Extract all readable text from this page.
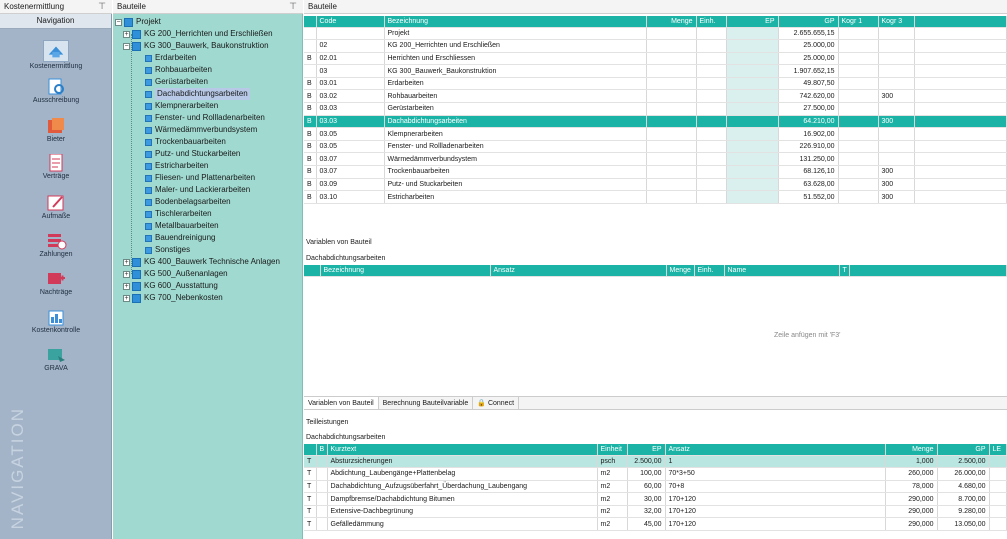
Kostenermittlung	⊤ Bauteile	⊤ Bauteile
Navigation
Kostenermittlung
Ausschreibung
Bieter
Verträge
Aufmaße
Zahlungen
Nachträge
Kostenkontrolle
GRAVA
NAVIGATION
− Projekt
+ KG 200_Herrichten und Erschließen
− KG 300_Bauwerk, Baukonstruktion
Erdarbeiten
Rohbauarbeiten
Gerüstarbeiten
Dachabdichtungsarbeiten
Klempnerarbeiten
Fenster- und Rollladenarbeiten
Wärmedämmverbundsystem
Trockenbauarbeiten
Putz- und Stuckarbeiten
Estricharbeiten
Fliesen- und Plattenarbeiten
Maler- und Lackierarbeiten
Bodenbelagsarbeiten
Tischlerarbeiten
Metallbauarbeiten
Bauendreinigung
Sonstiges
+ KG 400_Bauwerk Technische Anlagen
+ KG 500_Außenanlagen
+ KG 600_Ausstattung
+ KG 700_Nebenkosten
	Code	Bezeichnung	Menge	Einh.	EP	GP	Kogr 1	Kogr 3	
		Projekt				2.655.655,15			
	02	KG 200_Herrichten und Erschließen				25.000,00			
B	02.01	Herrichten und Erschliessen				25.000,00			
	03	KG 300_Bauwerk_Baukonstruktion				1.907.652,15			
B	03.01	Erdarbeiten				49.807,50			
B	03.02	Rohbauarbeiten				742.620,00		300	
B	03.03	Gerüstarbeiten				27.500,00			
B	03.03	Dachabdichtungsarbeiten				64.210,00		300	
B	03.05	Klempnerarbeiten				16.902,00			
B	03.05	Fenster- und Rollladenarbeiten				226.910,00			
B	03.07	Wärmedämmverbundsystem				131.250,00			
B	03.07	Trockenbauarbeiten				68.126,10		300	
B	03.09	Putz- und Stuckarbeiten				63.628,00		300	
B	03.10	Estricharbeiten				51.552,00		300	
Variablen von Bauteil
Dachabdichtungsarbeiten
	Bezeichnung	Ansatz	Menge	Einh.	Name	T	
Zeile anfügen mit 'F3'
Variablen von Bauteil	Berechnung Bauteilvariable	🔒 Connect
Teilleistungen
Dachabdichtungsarbeiten
	B	Kurztext	Einheit	EP	Ansatz	Menge	GP	LE
T		Absturzsicherungen	psch	2.500,00	1	1,000	2.500,00	
T		Abdichtung_Laubengänge+Plattenbelag	m2	100,00	70*3+50	260,000	26.000,00	
T		Dachabdichtung_Aufzugsüberfahrt_Überdachung_Laubengang	m2	60,00	70+8	78,000	4.680,00	
T		Dampfbremse/Dachabdichtung Bitumen	m2	30,00	170+120	290,000	8.700,00	
T		Extensive-Dachbegrünung	m2	32,00	170+120	290,000	9.280,00	
T		Gefälledämmung	m2	45,00	170+120	290,000	13.050,00	
